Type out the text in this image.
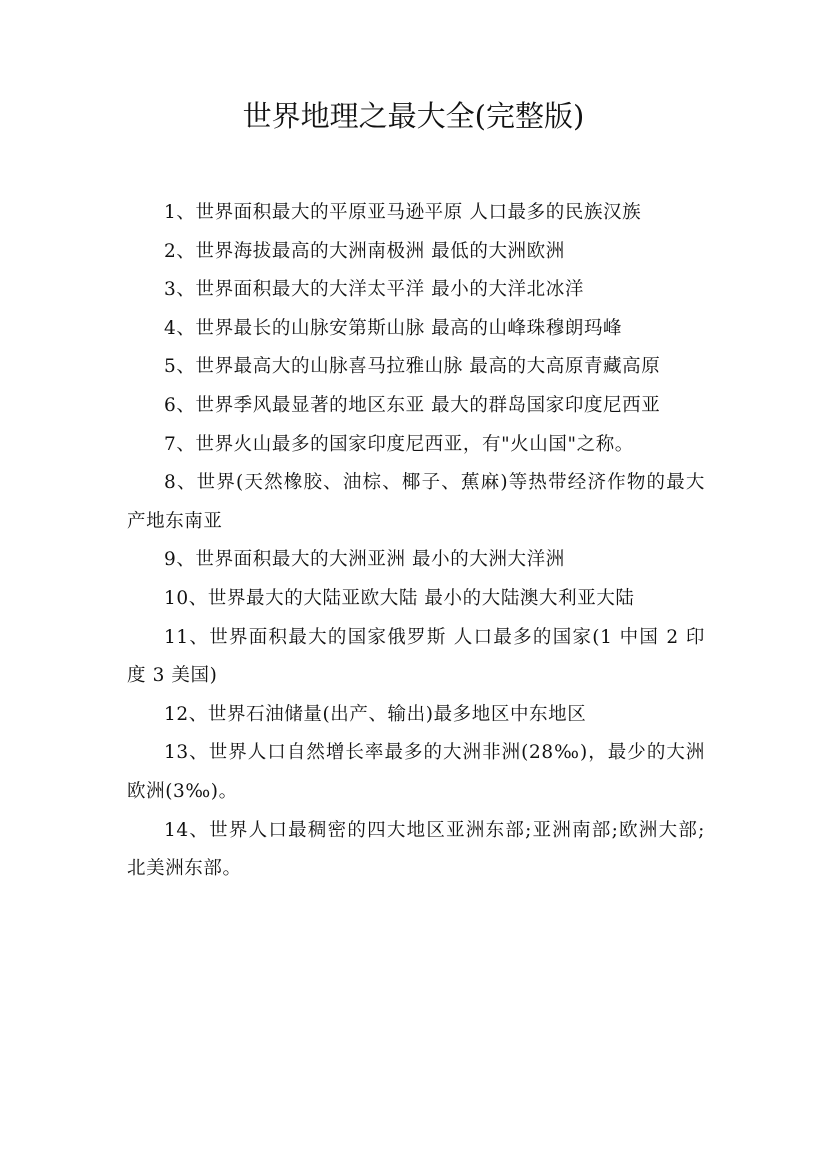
世界地理之最大全(完整版)

1、世界面积最大的平原亚马逊平原 人口最多的民族汉族

2、世界海拔最高的大洲南极洲 最低的大洲欧洲

3、世界面积最大的大洋太平洋 最小的大洋北冰洋

4、世界最长的山脉安第斯山脉 最高的山峰珠穆朗玛峰

5、世界最高大的山脉喜马拉雅山脉 最高的大高原青藏高原

6、世界季风最显著的地区东亚 最大的群岛国家印度尼西亚

7、世界火山最多的国家印度尼西亚，有"火山国"之称。

8、世界(天然橡胶、油棕、椰子、蕉麻)等热带经济作物的最大产地东南亚

9、世界面积最大的大洲亚洲 最小的大洲大洋洲

10、世界最大的大陆亚欧大陆 最小的大陆澳大利亚大陆

11、世界面积最大的国家俄罗斯 人口最多的国家(1 中国 2 印度 3 美国)

12、世界石油储量(出产、输出)最多地区中东地区

13、世界人口自然增长率最多的大洲非洲(28‰)，最少的大洲欧洲(3‰)。

14、世界人口最稠密的四大地区亚洲东部;亚洲南部;欧洲大部;北美洲东部。
